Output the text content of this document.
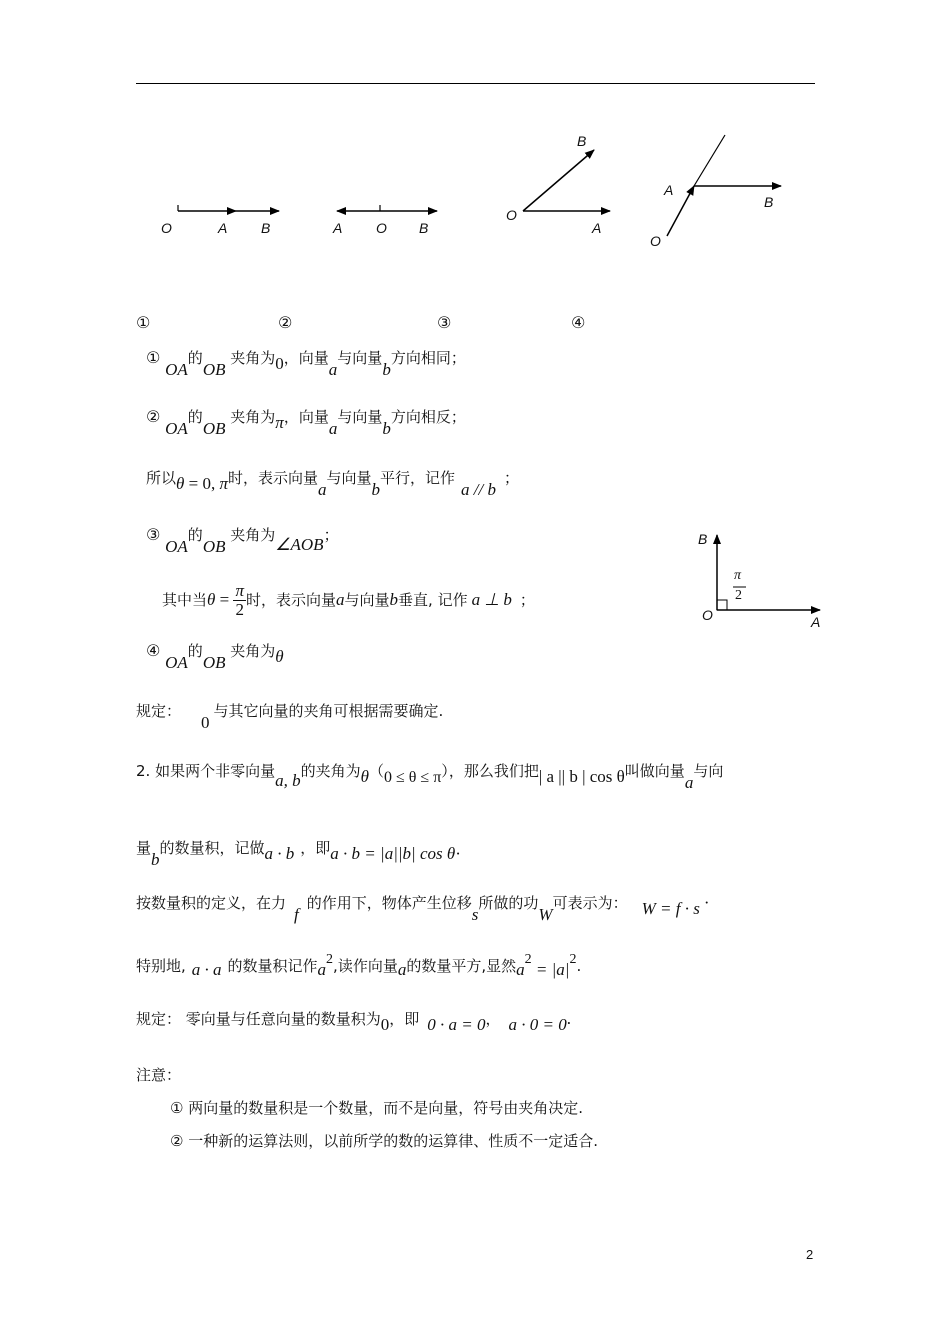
O	A B	A O B
O
A
B
O
A
B
①	②	③	④
B
O	A
π
2
① OA的OB 夹角为0，向量a与向量b方向相同；
② OA的OB 夹角为π，向量a与向量b方向相反；
所以θ = 0, π时，表示向量a与向量b平行，记作a // b；
③ OA的OB 夹角为∠AOB；
其中当$\theta = \frac{\pi}{2}$ 时，表示向量a与向量b垂直, 记作 a ⊥ b ；
④ OA的OB 夹角为θ
规定：0与其它向量的夹角可根据需要确定.
2. 如果两个非零向量a, b的夹角为θ（0 ≤ θ ≤ π），那么我们把| a || b | cos θ叫做向量a与向
量b的数量积，记做a · b ，即a · b = |a||b| cos θ·
按数量积的定义，在力f的作用下，物体产生位移s所做的功W可表示为： W = f · s ·
特别地, a · a 的数量积记作a2,读作向量a的数量平方,显然a2 = |a|2.
规定： 零向量与任意向量的数量积为0，即 0 · a = 0， a · 0 = 0.
注意：
① 两向量的数量积是一个数量，而不是向量，符号由夹角决定.
② 一种新的运算法则，以前所学的数的运算律、性质不一定适合.
2
